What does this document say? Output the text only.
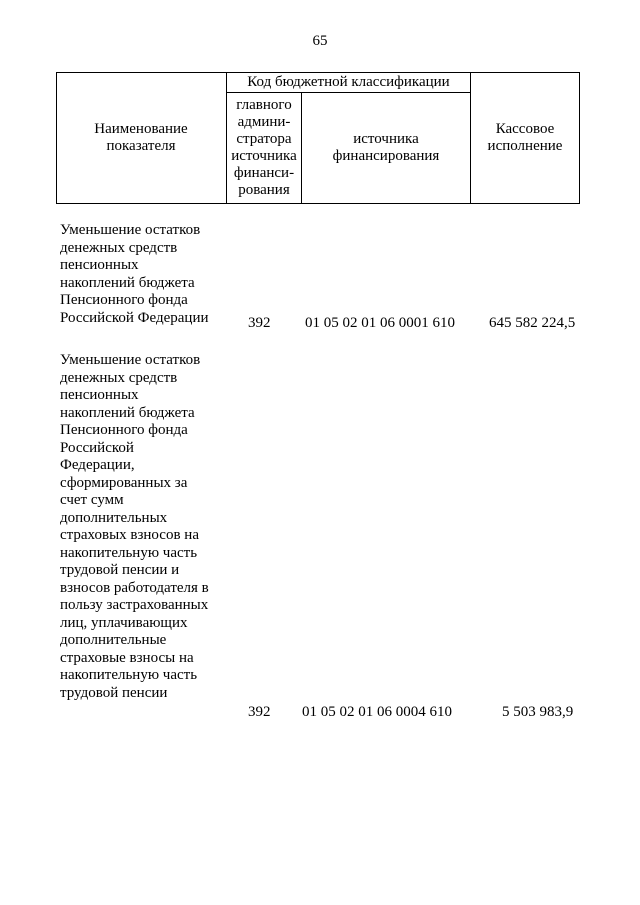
65
Наименование
показателя
Код бюджетной классификации
главного
админи-
стратора
источника
финанси-
рования
источника
финансирования
Кассовое
исполнение
Уменьшение остатков
денежных средств
пенсионных
накоплений бюджета
Пенсионного фонда
Российской Федерации	392 01 05 02 01 06 0001 610 645 582 224,5
Уменьшение остатков
денежных средств
пенсионных
накоплений бюджета
Пенсионного фонда
Российской
Федерации,
сформированных за
счет сумм
дополнительных
страховых взносов на
накопительную часть
трудовой пенсии и
взносов работодателя в
пользу застрахованных
лиц, уплачивающих
дополнительные
страховые взносы на
накопительную часть
трудовой пенсии
392 01 05 02 01 06 0004 610	5 503 983,9
